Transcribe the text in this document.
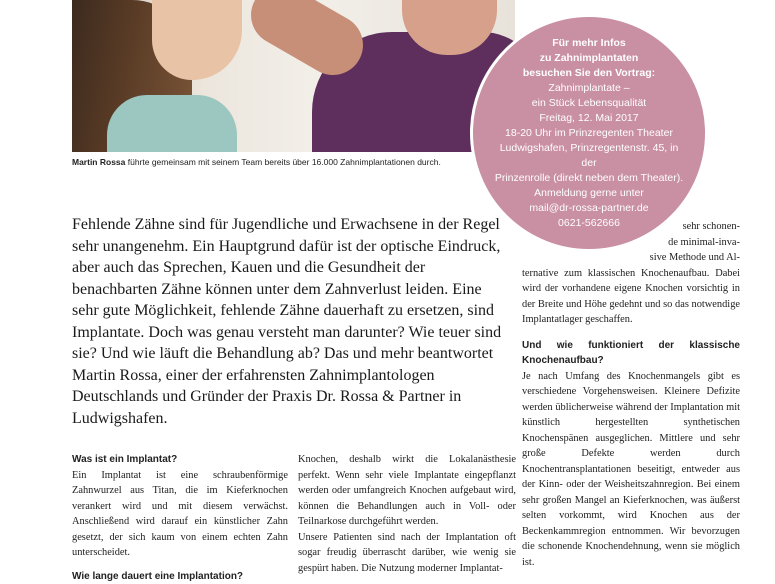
Martin Rossa führte gemeinsam mit seinem Team bereits über 16.000 Zahnimplantationen durch.
Für mehr Infos
zu Zahnimplantaten
besuchen Sie den Vortrag:
Zahnimplantate –
ein Stück Lebensqualität
Freitag, 12. Mai 2017
18-20 Uhr im Prinzregenten Theater
Ludwigshafen, Prinzregentenstr. 45, in der
Prinzenrolle (direkt neben dem Theater).
Anmeldung gerne unter
mail@dr-rossa-partner.de
0621-562666
Fehlende Zähne sind für Jugendliche und Erwachsene in der Regel sehr unangenehm. Ein Hauptgrund dafür ist der optische Eindruck, aber auch das Sprechen, Kauen und die Gesundheit der benachbarten Zähne können unter dem Zahnverlust leiden. Eine sehr gute Möglichkeit, fehlende Zähne dauerhaft zu ersetzen, sind Implantate. Doch was genau versteht man darunter? Wie teuer sind sie? Und wie läuft die Behandlung ab? Das und mehr beantwortet Martin Rossa, einer der erfahrensten Zahnimplantologen Deutschlands und Gründer der Praxis Dr. Rossa & Partner in Ludwigshafen.
Was ist ein Implantat?

Ein Implantat ist eine schraubenförmige Zahnwurzel aus Titan, die im Kieferknochen verankert wird und mit diesem verwächst. Anschließend wird darauf ein künstlicher Zahn gesetzt, der sich kaum von einem echten Zahn unterscheidet.

Wie lange dauert eine Implantation?

Knochen, deshalb wirkt die Lokalanästhesie perfekt. Wenn sehr viele Implantate eingepflanzt werden oder umfangreich Knochen aufgebaut wird, können die Behandlungen auch in Voll- oder Teilnarkose durchgeführt werden.

Unsere Patienten sind nach der Implantation oft sogar freudig überrascht darüber, wie wenig sie gespürt haben. Die Nutzung moderner Implantat-

sehr schonen-

de minimal-inva-

sive Methode und Al-

ternative zum klassischen Knochenaufbau. Dabei wird der vorhandene eigene Knochen vorsichtig in der Breite und Höhe gedehnt und so das notwendige Implantatlager geschaffen.

Und wie funktioniert der klassische Knochenaufbau?

Je nach Umfang des Knochenmangels gibt es verschiedene Vorgehensweisen. Kleinere Defizite werden üblicherweise während der Implantation mit künstlich hergestellten synthetischen Knochenspänen ausgeglichen. Mittlere und sehr große Defekte werden durch Knochentransplantationen beseitigt, entweder aus der Kinn- oder der Weisheitszahnregion. Bei einem sehr großen Mangel an Kieferknochen, was äußerst selten vorkommt, wird Knochen aus der Beckenkammregion entnommen. Wir bevorzugen die schonende Knochendehnung, wenn sie möglich ist.
